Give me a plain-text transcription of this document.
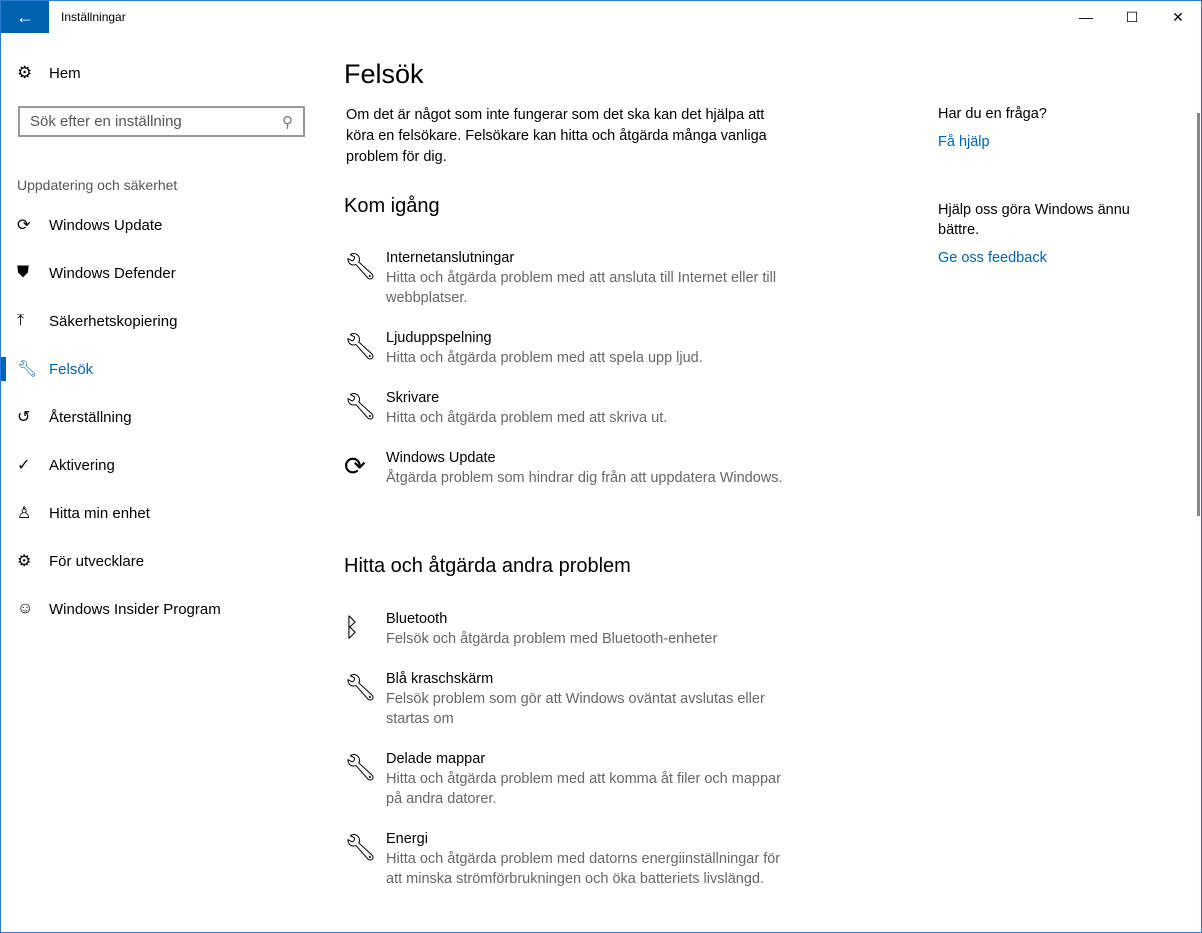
← Inställningar	—	☐	✕
⚙	Hem
Sök efter en inställning	⚲
Uppdatering och säkerhet
⟳	Windows Update
⛊	Windows Defender
⤒	Säkerhetskopiering
🔧︎ Felsök
↺	Återställning
✓	Aktivering
♙	Hitta min enhet
⚙	För utvecklare
☺	Windows Insider Program
Felsök

Om det är något som inte fungerar som det ska kan det hjälpa att köra en felsökare. Felsökare kan hitta och åtgärda många vanliga problem för dig.

Kom igång
🔧︎ Internetanslutningar
Hitta och åtgärda problem med att ansluta till Internet eller till webbplatser.
🔧︎ Ljuduppspelning
Hitta och åtgärda problem med att spela upp ljud.
🔧︎ Skrivare
Hitta och åtgärda problem med att skriva ut.
⟳	Windows Update
Åtgärda problem som hindrar dig från att uppdatera Windows.
Hitta och åtgärda andra problem
ᛒ	Bluetooth
Felsök och åtgärda problem med Bluetooth-enheter
🔧︎ Blå kraschskärm
Felsök problem som gör att Windows oväntat avslutas eller startas om
🔧︎ Delade mappar
Hitta och åtgärda problem med att komma åt filer och mappar på andra datorer.
🔧︎ Energi
Hitta och åtgärda problem med datorns energiinställningar för att minska strömförbrukningen och öka batteriets livslängd.
Har du en fråga?
Få hjälp
Hjälp oss göra Windows ännu bättre.
Ge oss feedback
